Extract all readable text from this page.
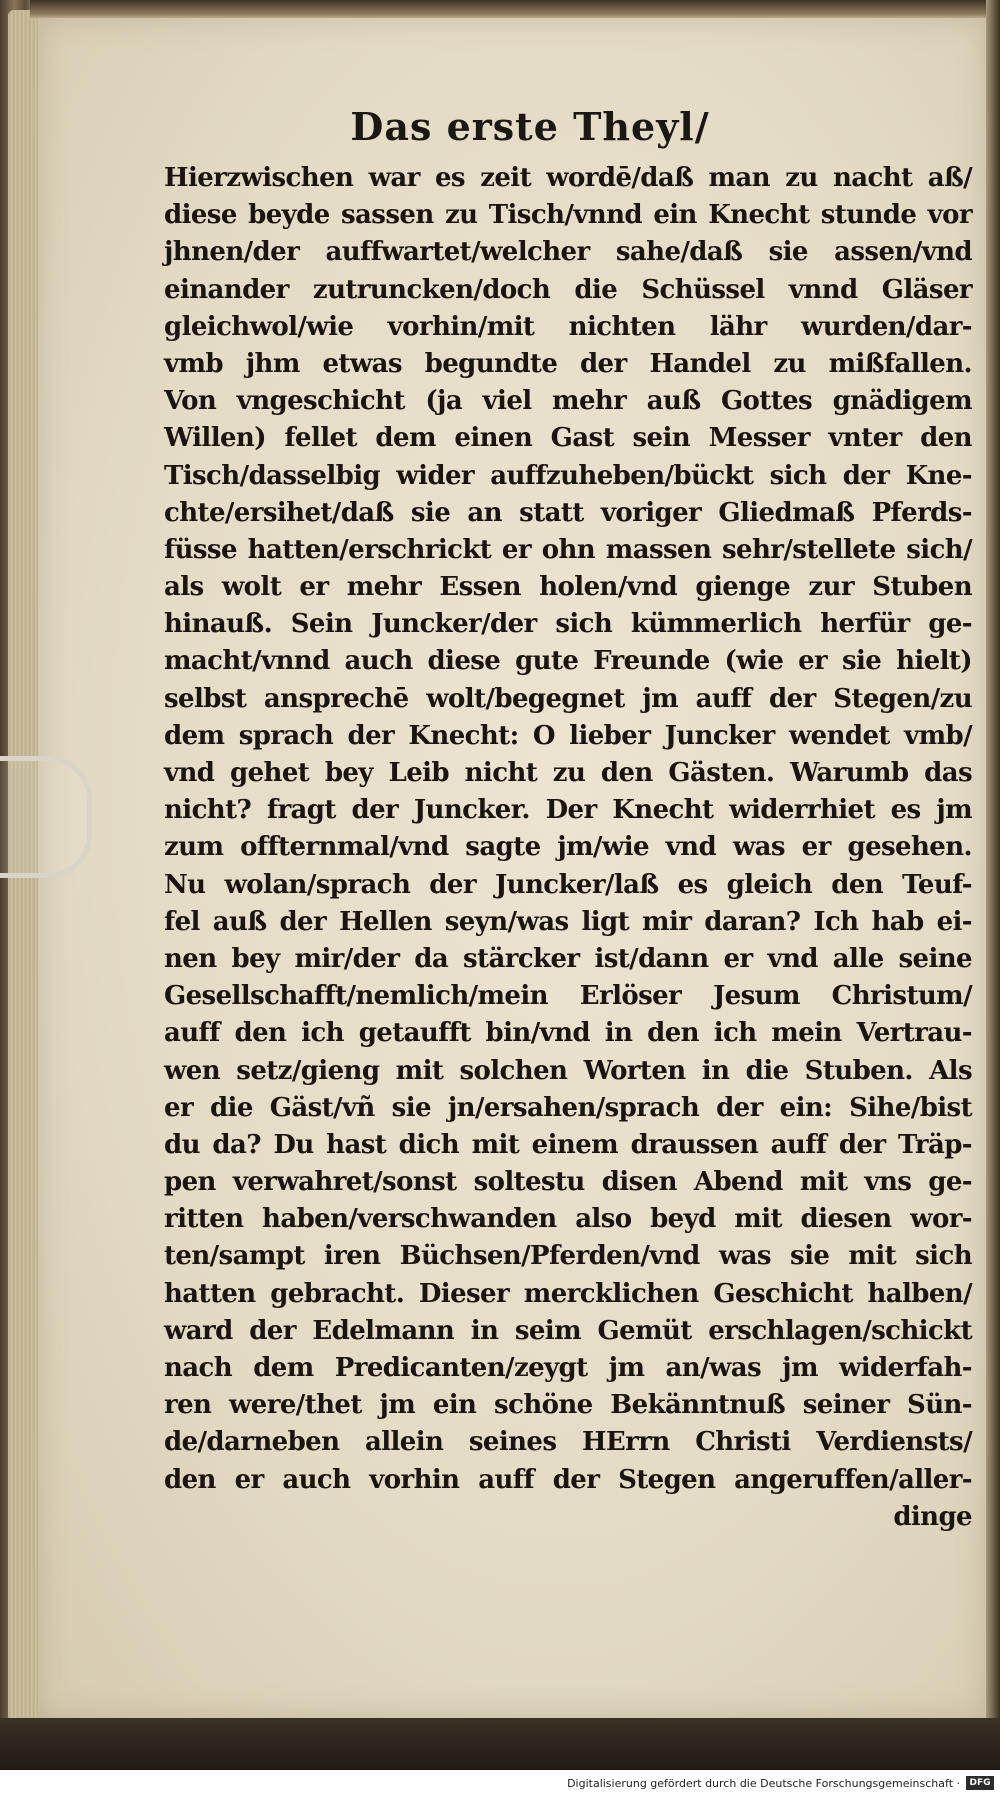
Das erste Theyl/
Hierzwischen war es zeit wordē/daß man zu nacht aß/
diese beyde sassen zu Tisch/vnnd ein Knecht stunde vor
jhnen/der auffwartet/welcher sahe/daß sie assen/vnd
einander zutruncken/doch die Schüssel vnnd Gläser
gleichwol/wie vorhin/mit nichten lähr wurden/dar-
vmb jhm etwas begundte der Handel zu mißfallen.
Von vngeschicht (ja viel mehr auß Gottes gnädigem
Willen) fellet dem einen Gast sein Messer vnter den
Tisch/dasselbig wider auffzuheben/bückt sich der Kne-
chte/ersihet/daß sie an statt voriger Gliedmaß Pferds-
füsse hatten/erschrickt er ohn massen sehr/stellete sich/
als wolt er mehr Essen holen/vnd gienge zur Stuben
hinauß. Sein Juncker/der sich kümmerlich herfür ge-
macht/vnnd auch diese gute Freunde (wie er sie hielt)
selbst ansprechē wolt/begegnet jm auff der Stegen/zu
dem sprach der Knecht: O lieber Juncker wendet vmb/
vnd gehet bey Leib nicht zu den Gästen. Warumb das
nicht? fragt der Juncker. Der Knecht widerrhiet es jm
zum offternmal/vnd sagte jm/wie vnd was er gesehen.
Nu wolan/sprach der Juncker/laß es gleich den Teuf-
fel auß der Hellen seyn/was ligt mir daran? Ich hab ei-
nen bey mir/der da stärcker ist/dann er vnd alle seine
Gesellschafft/nemlich/mein Erlöser Jesum Christum/
auff den ich getaufft bin/vnd in den ich mein Vertrau-
wen setz/gieng mit solchen Worten in die Stuben. Als
er die Gäst/vñ sie jn/ersahen/sprach der ein: Sihe/bist
du da? Du hast dich mit einem draussen auff der Träp-
pen verwahret/sonst soltestu disen Abend mit vns ge-
ritten haben/verschwanden also beyd mit diesen wor-
ten/sampt iren Büchsen/Pferden/vnd was sie mit sich
hatten gebracht. Dieser mercklichen Geschicht halben/
ward der Edelmann in seim Gemüt erschlagen/schickt
nach dem Predicanten/zeygt jm an/was jm widerfah-
ren were/thet jm ein schöne Bekänntnuß seiner Sün-
de/darneben allein seines HErrn Christi Verdiensts/
den er auch vorhin auff der Stegen angeruffen/aller-
dinge
Digitalisierung gefördert durch die Deutsche Forschungsgemeinschaft ·	DFG
